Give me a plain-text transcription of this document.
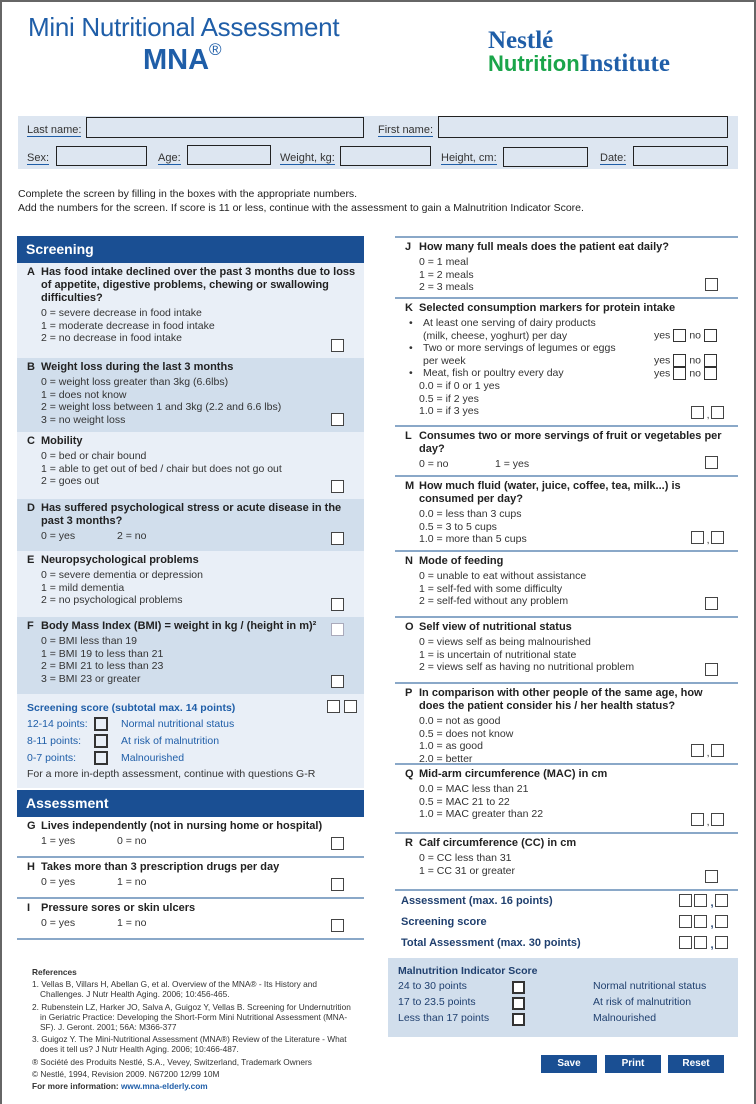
Mini Nutritional Assessment
MNA®	Nestlé
NutritionInstitute
Last name:	First name:
Sex:	Age:	Weight, kg:	Height, cm:	Date:
Complete the screen by filling in the boxes with the appropriate numbers.
Add the numbers for the screen. If score is 11 or less, continue with the assessment to gain a Malnutrition Indicator Score.
Screening
A Has food intake declined over the past 3 months due to loss of appetite, digestive problems, chewing or swallowing difficulties?
0 = severe decrease in food intake
1 = moderate decrease in food intake
2 = no decrease in food intake
B Weight loss during the last 3 months
0 = weight loss greater than 3kg (6.6lbs)
1 = does not know
2 = weight loss between 1 and 3kg (2.2 and 6.6 lbs)
3 = no weight loss
C Mobility
0 = bed or chair bound
1 = able to get out of bed / chair but does not go out
2 = goes out
D Has suffered psychological stress or acute disease in the past 3 months?
0 = yes	2 = no
E Neuropsychological problems
0 = severe dementia or depression
1 = mild dementia
2 = no psychological problems
F Body Mass Index (BMI) = weight in kg / (height in m)²
0 = BMI less than 19
1 = BMI 19 to less than 21
2 = BMI 21 to less than 23
3 = BMI 23 or greater
Screening score (subtotal max. 14 points)
12-14 points:	Normal nutritional status
8-11 points:	At risk of malnutrition
0-7 points:	Malnourished
For a more in-depth assessment, continue with questions G-R
Assessment
G Lives independently (not in nursing home or hospital)
1 = yes	0 = no
H Takes more than 3 prescription drugs per day
0 = yes	1 = no
I Pressure sores or skin ulcers
0 = yes	1 = no
J How many full meals does the patient eat daily?
0 = 1 meal
1 = 2 meals
2 = 3 meals
K Selected consumption markers for protein intake
• At least one serving of dairy products (milk, cheese, yoghurt) per day	yes no
• Two or more servings of legumes or eggs per week	yes no
• Meat, fish or poultry every day	yes no
0.0 = if 0 or 1 yes
0.5 = if 2 yes
1.0 = if 3 yes	,
L Consumes two or more servings of fruit or vegetables per day?
0 = no	1 = yes
M How much fluid (water, juice, coffee, tea, milk...) is consumed per day?
0.0 = less than 3 cups
0.5 = 3 to 5 cups
1.0 = more than 5 cups	,
N Mode of feeding
0 = unable to eat without assistance
1 = self-fed with some difficulty
2 = self-fed without any problem
O Self view of nutritional status
0 = views self as being malnourished
1 = is uncertain of nutritional state
2 = views self as having no nutritional problem
P In comparison with other people of the same age, how does the patient consider his / her health status?
0.0 = not as good
0.5 = does not know
1.0 = as good
2.0 = better	,
Q Mid-arm circumference (MAC) in cm
0.0 = MAC less than 21
0.5 = MAC 21 to 22
1.0 = MAC greater than 22
,
R Calf circumference (CC) in cm
0 = CC less than 31
1 = CC 31 or greater
Assessment (max. 16 points)	,
Screening score	,
Total Assessment (max. 30 points)	,
Malnutrition Indicator Score
24 to 30 points	Normal nutritional status
17 to 23.5 points	At risk of malnutrition
Less than 17 points	Malnourished
Save	Print	Reset

References

1. Vellas B, Villars H, Abellan G, et al. Overview of the MNA® - Its History and Challenges. J Nutr Health Aging. 2006; 10:456-465.

2. Rubenstein LZ, Harker JO, Salva A, Guigoz Y, Vellas B. Screening for Undernutrition in Geriatric Practice: Developing the Short-Form Mini Nutritional Assessment (MNA-SF). J. Geront. 2001; 56A: M366-377

3. Guigoz Y. The Mini-Nutritional Assessment (MNA®) Review of the Literature - What does it tell us? J Nutr Health Aging. 2006; 10:466-487.

® Société des Produits Nestlé, S.A., Vevey, Switzerland, Trademark Owners

© Nestlé, 1994, Revision 2009. N67200 12/99 10M

For more information: www.mna-elderly.com
